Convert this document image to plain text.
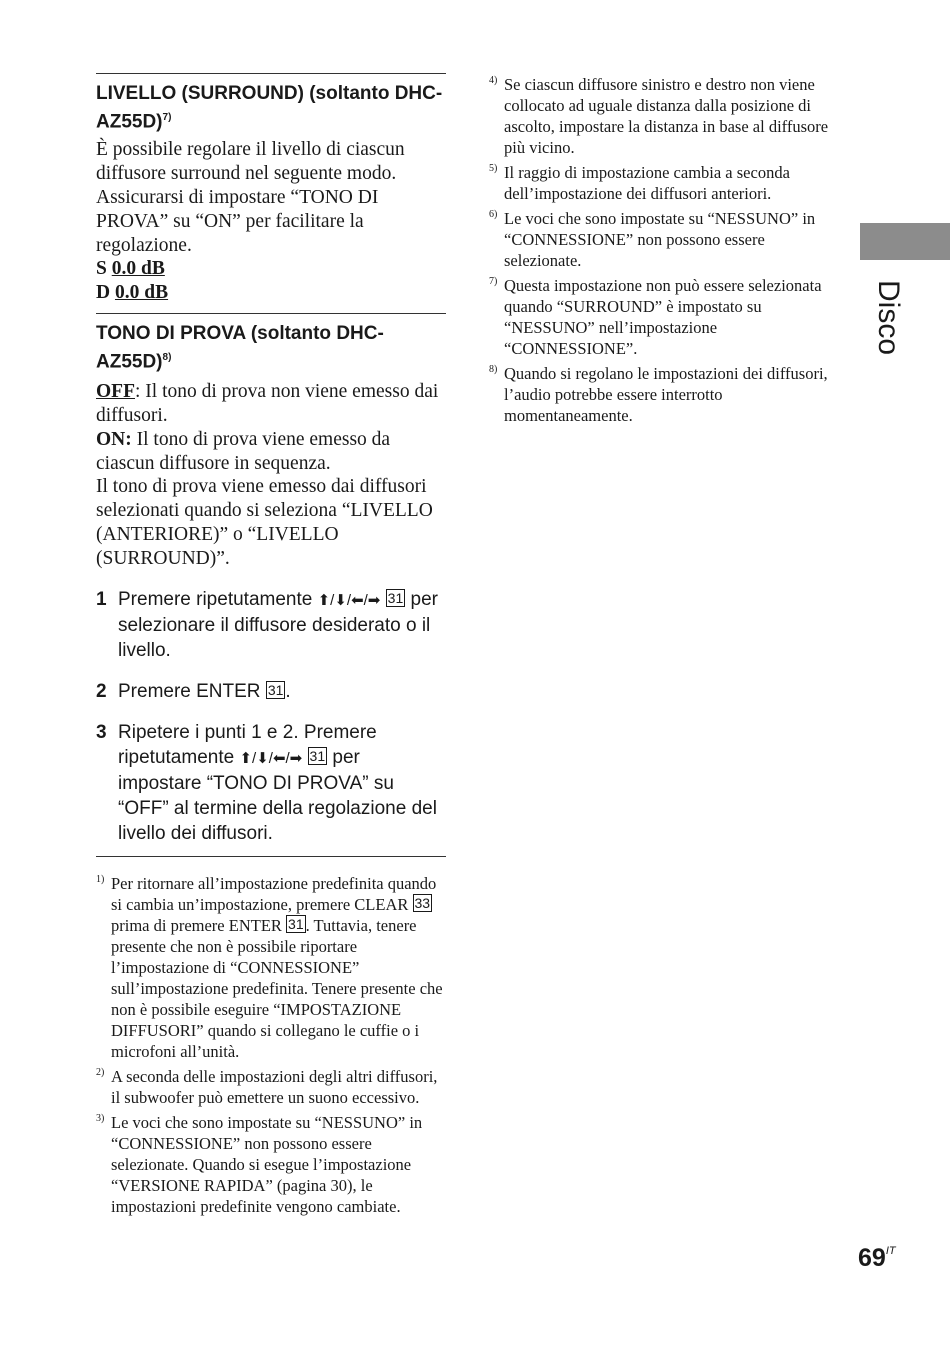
LIVELLO (SURROUND) (soltanto DHC-AZ55D)$^{7)}$

È possibile regolare il livello di ciascun diffusore surround nel seguente modo. Assicurarsi di impostare “TONO DI PROVA” su “ON” per facilitare la regolazione.

S 0.0 dB

D 0.0 dB

TONO DI PROVA (soltanto DHC-AZ55D)$^{8)}$

OFF: Il tono di prova non viene emesso dai diffusori.

ON: Il tono di prova viene emesso da ciascun diffusore in sequenza.

Il tono di prova viene emesso dai diffusori selezionati quando si seleziona “LIVELLO (ANTERIORE)” o “LIVELLO (SURROUND)”.

1 Premere ripetutamente ⬆/⬇/⬅/➡ 31 per selezionare il diffusore desiderato o il livello.
2 Premere ENTER 31 .
3 Ripetere i punti 1 e 2. Premere ripetutamente ⬆/⬇/⬅/➡ 31 per impostare “TONO DI PROVA” su “OFF” al termine della regolazione del livello dei diffusori.
1) Per ritornare all’impostazione predefinita quando si cambia un’impostazione, premere CLEAR 33 prima di premere ENTER 31 . Tuttavia, tenere presente che non è possibile riportare l’impostazione di “CONNESSIONE” sull’impostazione predefinita. Tenere presente che non è possibile eseguire “IMPOSTAZIONE DIFFUSORI” quando si collegano le cuffie o i microfoni all’unità.
2) A seconda delle impostazioni degli altri diffusori, il subwoofer può emettere un suono eccessivo.
3) Le voci che sono impostate su “NESSUNO” in “CONNESSIONE” non possono essere selezionate. Quando si esegue l’impostazione “VERSIONE RAPIDA” (pagina 30), le impostazioni predefinite vengono cambiate.
4) Se ciascun diffusore sinistro e destro non viene collocato ad uguale distanza dalla posizione di ascolto, impostare la distanza in base al diffusore più vicino.
5) Il raggio di impostazione cambia a seconda dell’impostazione dei diffusori anteriori.
6) Le voci che sono impostate su “NESSUNO” in “CONNESSIONE” non possono essere selezionate.
7) Questa impostazione non può essere selezionata quando “SURROUND” è impostato su “NESSUNO” nell’impostazione “CONNESSIONE”.
8) Quando si regolano le impostazioni dei diffusori, l’audio potrebbe essere interrotto momentaneamente.
Disco
$69^{IT}$
